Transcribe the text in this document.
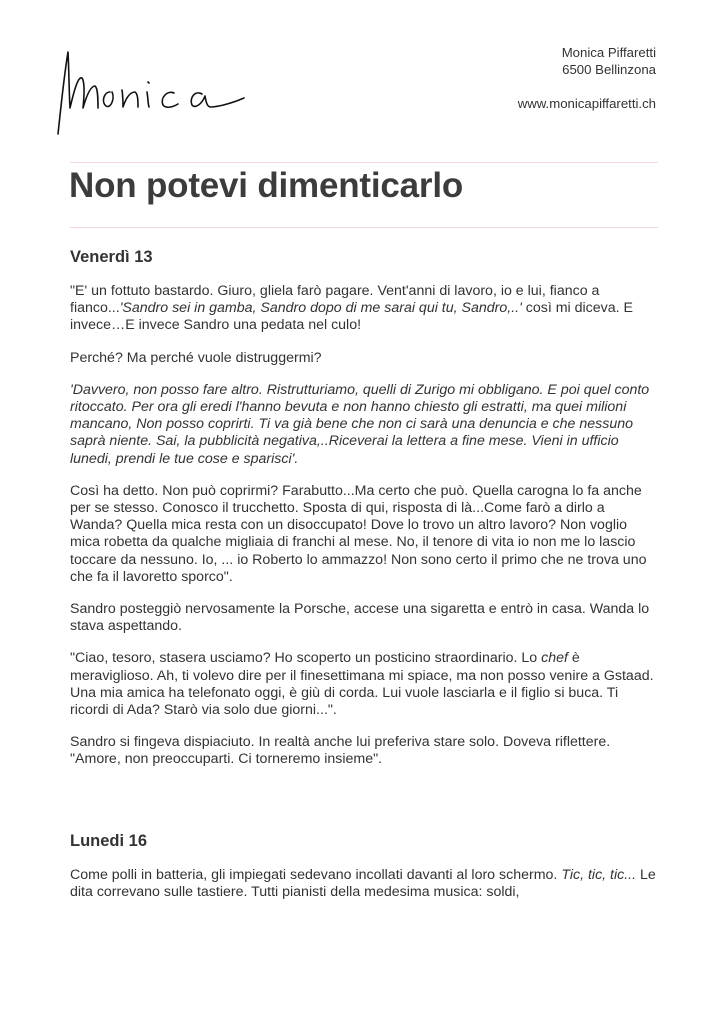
Monica Piffaretti
6500 Bellinzona
www.monicapiffaretti.ch
Non potevi dimenticarlo
Venerdì 13

"E' un fottuto bastardo. Giuro, gliela farò pagare. Vent'anni di lavoro, io e lui, fianco a fianco...'Sandro sei in gamba, Sandro dopo di me sarai qui tu, Sandro,..' così mi diceva. E invece…E invece Sandro una pedata nel culo!

Perché? Ma perché vuole distruggermi?

'Davvero, non posso fare altro. Ristrutturiamo, quelli di Zurigo mi obbligano. E poi quel conto ritoccato. Per ora gli eredi l'hanno bevuta e non hanno chiesto gli estratti, ma quei milioni mancano, Non posso coprirti. Ti va già bene che non ci sarà una denuncia e che nessuno saprà niente. Sai, la pubblicità negativa,..Riceverai la lettera a fine mese. Vieni in ufficio lunedi, prendi le tue cose e sparisci'.

Così ha detto. Non può coprirmi? Farabutto...Ma certo che può. Quella carogna lo fa anche per se stesso. Conosco il trucchetto. Sposta di qui, risposta di là...Come farò a dirlo a Wanda? Quella mica resta con un disoccupato! Dove lo trovo un altro lavoro? Non voglio mica robetta da qualche migliaia di franchi al mese. No, il tenore di vita io non me lo lascio toccare da nessuno. Io, ... io Roberto lo ammazzo! Non sono certo il primo che ne trova uno che fa il lavoretto sporco".

Sandro posteggiò nervosamente la Porsche, accese una sigaretta e entrò in casa. Wanda lo stava aspettando.

"Ciao, tesoro, stasera usciamo? Ho scoperto un posticino straordinario. Lo chef è meraviglioso. Ah, ti volevo dire per il finesettimana mi spiace, ma non posso venire a Gstaad. Una mia amica ha telefonato oggi, è giù di corda. Lui vuole lasciarla e il figlio si buca. Ti ricordi di Ada? Starò via solo due giorni...".

Sandro si fingeva dispiaciuto. In realtà anche lui preferiva stare solo. Doveva riflettere.
"Amore, non preoccuparti. Ci torneremo insieme".

Lunedi 16

Come polli in batteria, gli impiegati sedevano incollati davanti al loro schermo. Tic, tic, tic... Le dita correvano sulle tastiere. Tutti pianisti della medesima musica: soldi,
